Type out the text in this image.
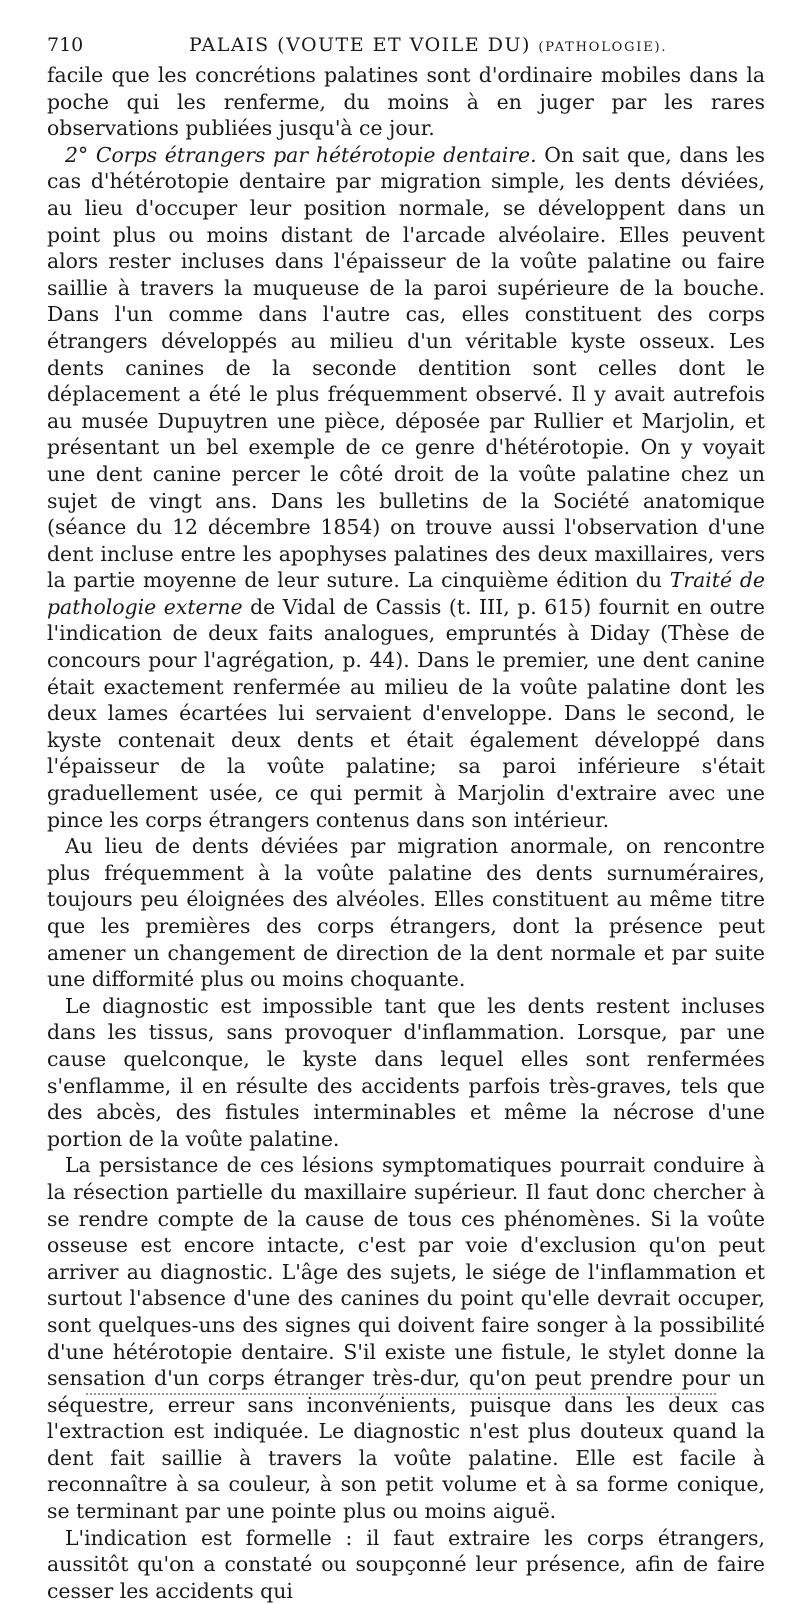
710	PALAIS (VOUTE ET VOILE DU) (PATHOLOGIE).

facile que les concrétions palatines sont d'ordinaire mobiles dans la poche qui les renferme, du moins à en juger par les rares observations publiées jusqu'à ce jour.

2° Corps étrangers par hétérotopie dentaire. On sait que, dans les cas d'hétérotopie dentaire par migration simple, les dents déviées, au lieu d'occuper leur position normale, se développent dans un point plus ou moins distant de l'arcade alvéolaire. Elles peuvent alors rester incluses dans l'épaisseur de la voûte palatine ou faire saillie à travers la muqueuse de la paroi supérieure de la bouche. Dans l'un comme dans l'autre cas, elles constituent des corps étrangers développés au milieu d'un véritable kyste osseux. Les dents canines de la seconde dentition sont celles dont le déplacement a été le plus fréquemment observé. Il y avait autrefois au musée Dupuytren une pièce, déposée par Rullier et Marjolin, et présentant un bel exemple de ce genre d'hétérotopie. On y voyait une dent canine percer le côté droit de la voûte palatine chez un sujet de vingt ans. Dans les bulletins de la Société anatomique (séance du 12 décembre 1854) on trouve aussi l'observation d'une dent incluse entre les apophyses palatines des deux maxillaires, vers la partie moyenne de leur suture. La cinquième édition du Traité de pathologie externe de Vidal de Cassis (t. III, p. 615) fournit en outre l'indication de deux faits analogues, empruntés à Diday (Thèse de concours pour l'agrégation, p. 44). Dans le premier, une dent canine était exactement renfermée au milieu de la voûte palatine dont les deux lames écartées lui servaient d'enveloppe. Dans le second, le kyste contenait deux dents et était également développé dans l'épaisseur de la voûte palatine; sa paroi inférieure s'était graduellement usée, ce qui permit à Marjolin d'extraire avec une pince les corps étrangers contenus dans son intérieur.

Au lieu de dents déviées par migration anormale, on rencontre plus fréquemment à la voûte palatine des dents surnuméraires, toujours peu éloignées des alvéoles. Elles constituent au même titre que les premières des corps étrangers, dont la présence peut amener un changement de direction de la dent normale et par suite une difformité plus ou moins choquante.

Le diagnostic est impossible tant que les dents restent incluses dans les tissus, sans provoquer d'inflammation. Lorsque, par une cause quelconque, le kyste dans lequel elles sont renfermées s'enflamme, il en résulte des accidents parfois très-graves, tels que des abcès, des fistules interminables et même la nécrose d'une portion de la voûte palatine.

La persistance de ces lésions symptomatiques pourrait conduire à la résection partielle du maxillaire supérieur. Il faut donc chercher à se rendre compte de la cause de tous ces phénomènes. Si la voûte osseuse est encore intacte, c'est par voie d'exclusion qu'on peut arriver au diagnostic. L'âge des sujets, le siége de l'inflammation et surtout l'absence d'une des canines du point qu'elle devrait occuper, sont quelques-uns des signes qui doivent faire songer à la possibilité d'une hétérotopie dentaire. S'il existe une fistule, le stylet donne la sensation d'un corps étranger très-dur, qu'on peut prendre pour un séquestre, erreur sans inconvénients, puisque dans les deux cas l'extraction est indiquée. Le diagnostic n'est plus douteux quand la dent fait saillie à travers la voûte palatine. Elle est facile à reconnaître à sa couleur, à son petit volume et à sa forme conique, se terminant par une pointe plus ou moins aiguë.

L'indication est formelle : il faut extraire les corps étrangers, aussitôt qu'on a constaté ou soupçonné leur présence, afin de faire cesser les accidents qui
